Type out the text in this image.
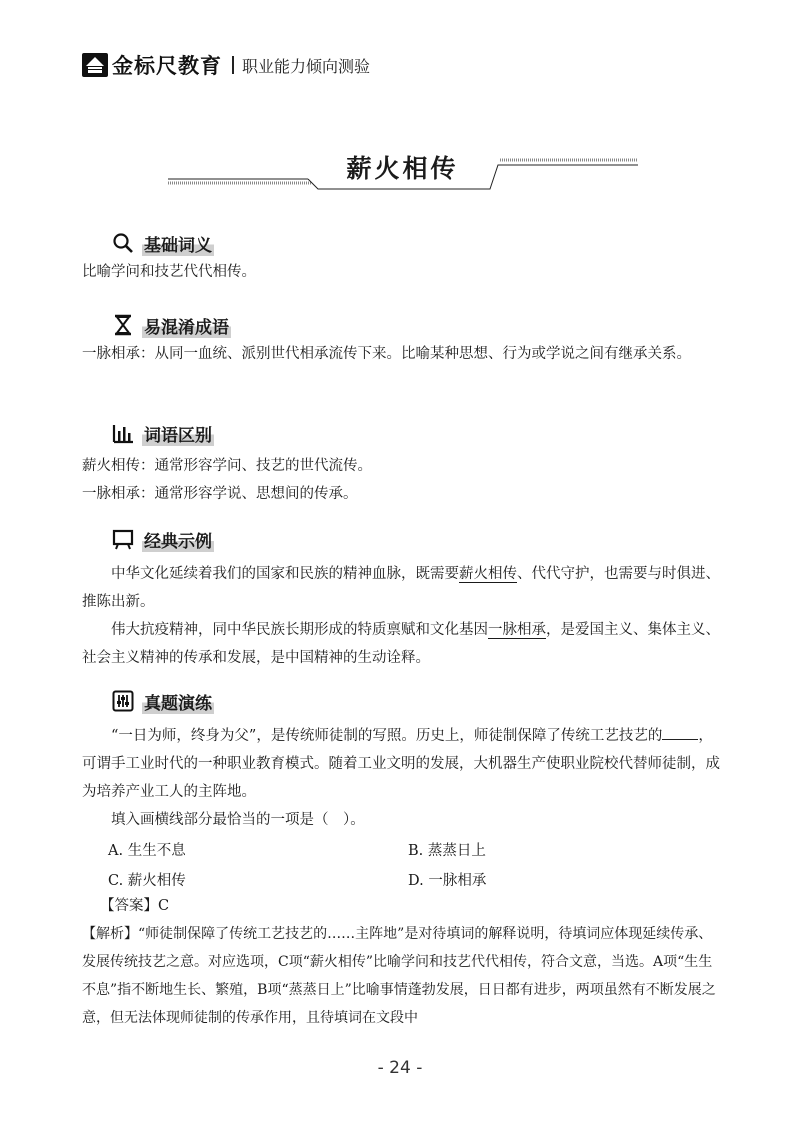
金标尺教育 职业能力倾向测验
薪火相传
基础词义
比喻学问和技艺代代相传。
易混淆成语
一脉相承：从同一血统、派别世代相承流传下来。比喻某种思想、行为或学说之间有继承关系。
词语区别
薪火相传：通常形容学问、技艺的世代流传。
一脉相承：通常形容学说、思想间的传承。
经典示例
中华文化延续着我们的国家和民族的精神血脉，既需要薪火相传、代代守护，也需要与时俱进、推陈出新。
伟大抗疫精神，同中华民族长期形成的特质禀赋和文化基因一脉相承，是爱国主义、集体主义、社会主义精神的传承和发展，是中国精神的生动诠释。
真题演练
“一日为师，终身为父”，是传统师徒制的写照。历史上，师徒制保障了传统工艺技艺的 ，可谓手工业时代的一种职业教育模式。随着工业文明的发展，大机器生产使职业院校代替师徒制，成为培养产业工人的主阵地。
填入画横线部分最恰当的一项是（　）。
A. 生生不息	B. 蒸蒸日上
C. 薪火相传	D. 一脉相承
【答案】C
【解析】“师徒制保障了传统工艺技艺的……主阵地”是对待填词的解释说明，待填词应体现延续传承、发展传统技艺之意。对应选项，C项“薪火相传”比喻学问和技艺代代相传，符合文意，当选。A项“生生不息”指不断地生长、繁殖，B项“蒸蒸日上”比喻事情蓬勃发展，日日都有进步，两项虽然有不断发展之意，但无法体现师徒制的传承作用，且待填词在文段中
- 24 -
